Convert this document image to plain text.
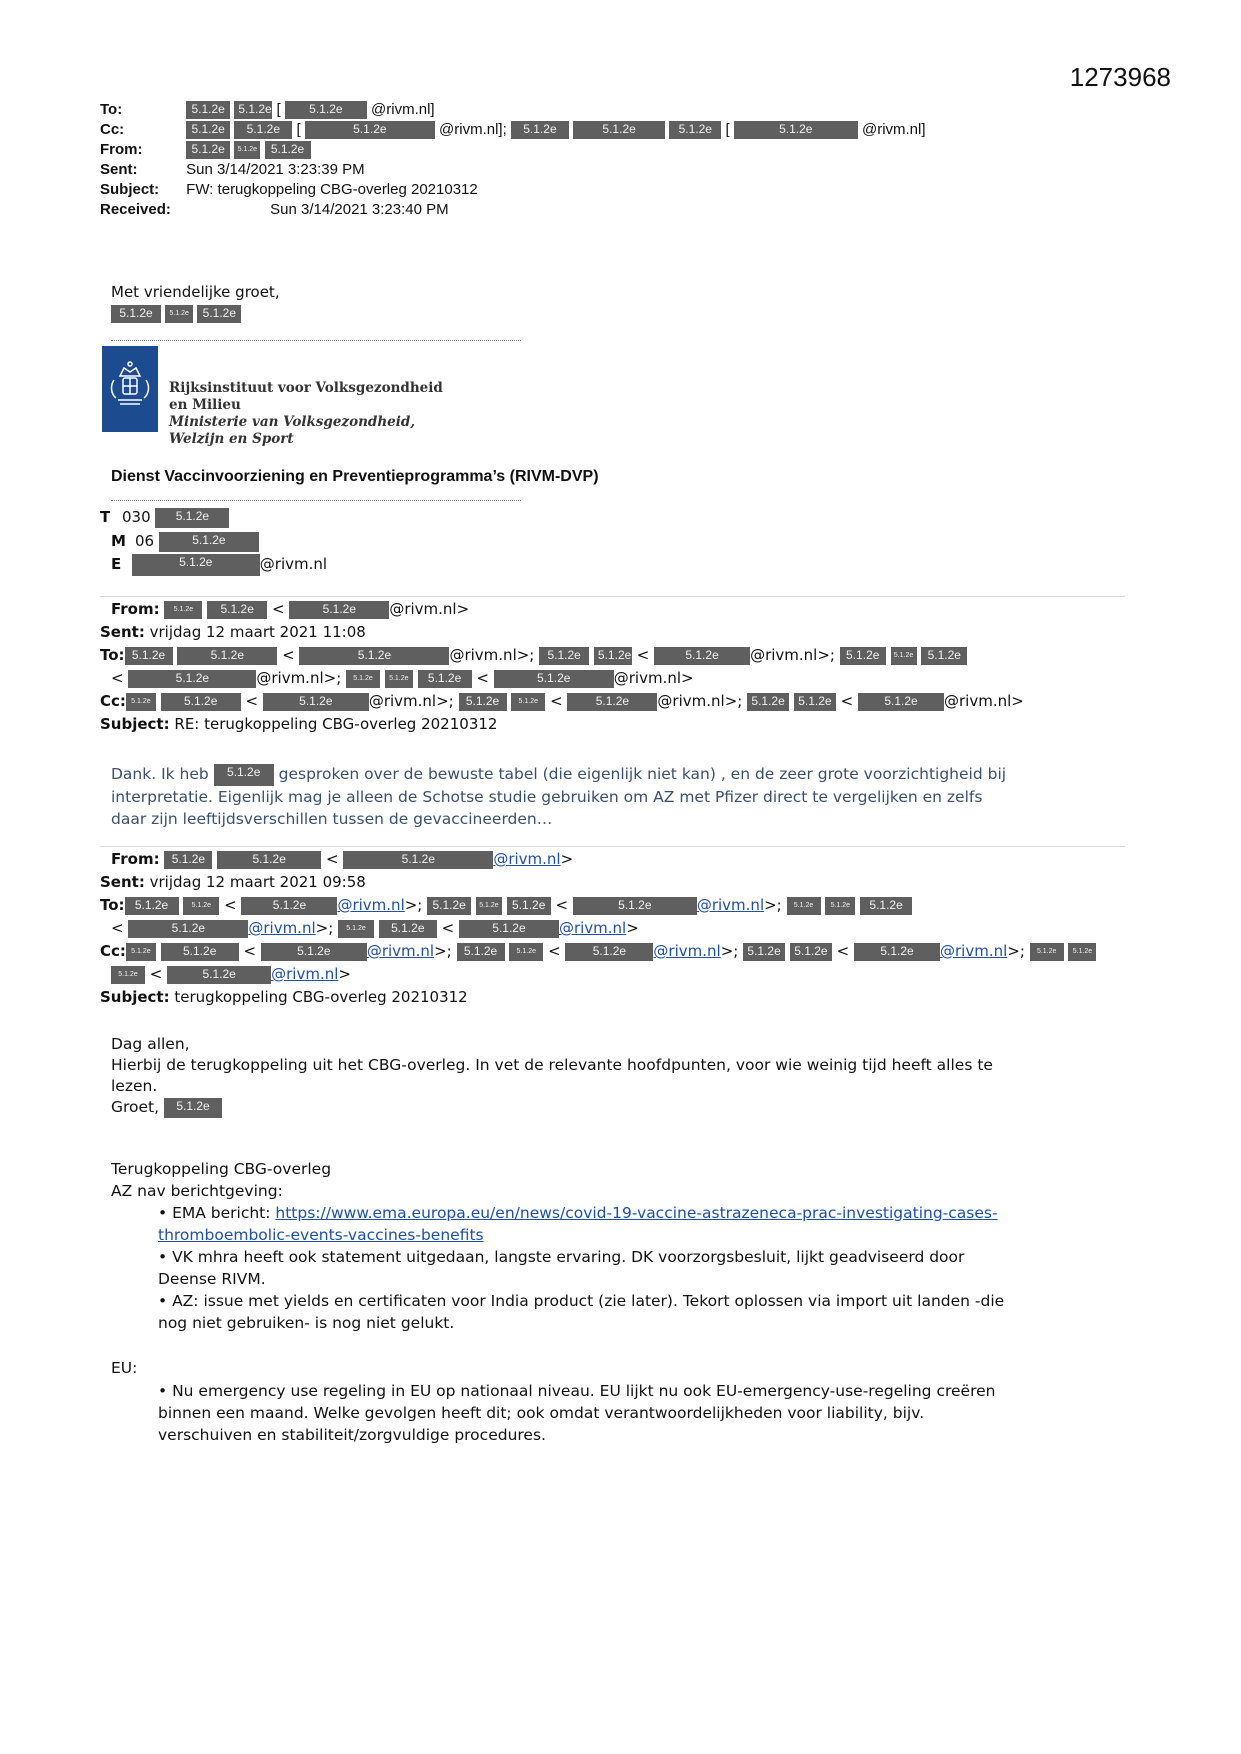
1273968
To:	5.1.2e 5.1.2e [ 5.1.2e @rivm.nl]
Cc:	5.1.2e 5.1.2e [	5.1.2e	@rivm.nl]; 5.1.2e	5.1.2e	5.1.2e [	5.1.2e	@rivm.nl]
From:	5.1.2e 5.1.2e 5.1.2e
Sent:	Sun 3/14/2021 3:23:39 PM
Subject: FW: terugkoppeling CBG-overleg 20210312
Received:	Sun 3/14/2021 3:23:40 PM
Met vriendelijke groet,
5.1.2e 5.1.2e 5.1.2e
Rijksinstituut voor Volksgezondheid
en Milieu
Ministerie van Volksgezondheid,
Welzijn en Sport
Dienst Vaccinvoorziening en Preventieprogramma’s (RIVM-DVP)
T 030 5.1.2e
M 06	5.1.2e
E	5.1.2e	@rivm.nl
From: 5.1.2e 5.1.2e <	5.1.2e @rivm.nl>
Sent: vrijdag 12 maart 2021 11:08
To: 5.1.2e	5.1.2e	<	5.1.2e	@rivm.nl>; 5.1.2e 5.1.2e <	5.1.2e @rivm.nl>; 5.1.2e 5.1.2e 5.1.2e
<	5.1.2e	@rivm.nl>; 5.1.2e 5.1.2e 5.1.2e <	5.1.2e	@rivm.nl>
Cc: 5.1.2e	5.1.2e <	5.1.2e @rivm.nl>; 5.1.2e	5.1.2e <	5.1.2e @rivm.nl>; 5.1.2e 5.1.2e <	5.1.2e @rivm.nl>
Subject: RE: terugkoppeling CBG-overleg 20210312
Dank. Ik heb 5.1.2e gesproken over de bewuste tabel (die eigenlijk niet kan) , en de zeer grote voorzichtigheid bij
interpretatie. Eigenlijk mag je alleen de Schotse studie gebruiken om AZ met Pfizer direct te vergelijken en zelfs
daar zijn leeftijdsverschillen tussen de gevaccineerden…
From: 5.1.2e	5.1.2e	<	5.1.2e	@rivm.nl>
Sent: vrijdag 12 maart 2021 09:58
To: 5.1.2e	5.1.2e <	5.1.2e @rivm.nl>; 5.1.2e 5.1.2e 5.1.2e <	5.1.2e	@rivm.nl>; 5.1.2e 5.1.2e 5.1.2e
<	5.1.2e	@rivm.nl>; 5.1.2e 5.1.2e <	5.1.2e @rivm.nl>
Cc: 5.1.2e	5.1.2e <	5.1.2e @rivm.nl>; 5.1.2e	5.1.2e <	5.1.2e @rivm.nl>; 5.1.2e 5.1.2e <	5.1.2e @rivm.nl>; 5.1.2e 5.1.2e
5.1.2e <	5.1.2e @rivm.nl>
Subject: terugkoppeling CBG-overleg 20210312
Dag allen,
Hierbij de terugkoppeling uit het CBG-overleg. In vet de relevante hoofdpunten, voor wie weinig tijd heeft alles te
lezen.
Groet, 5.1.2e
Terugkoppeling CBG-overleg
AZ nav berichtgeving:
• EMA bericht: https://www.ema.europa.eu/en/news/covid-19-vaccine-astrazeneca-prac-investigating-cases-
thromboembolic-events-vaccines-benefits
• VK mhra heeft ook statement uitgedaan, langste ervaring. DK voorzorgsbesluit, lijkt geadviseerd door
Deense RIVM.
• AZ: issue met yields en certificaten voor India product (zie later). Tekort oplossen via import uit landen -die
nog niet gebruiken- is nog niet gelukt.
EU:
• Nu emergency use regeling in EU op nationaal niveau. EU lijkt nu ook EU-emergency-use-regeling creëren
binnen een maand. Welke gevolgen heeft dit; ook omdat verantwoordelijkheden voor liability, bijv.
verschuiven en stabiliteit/zorgvuldige procedures.
